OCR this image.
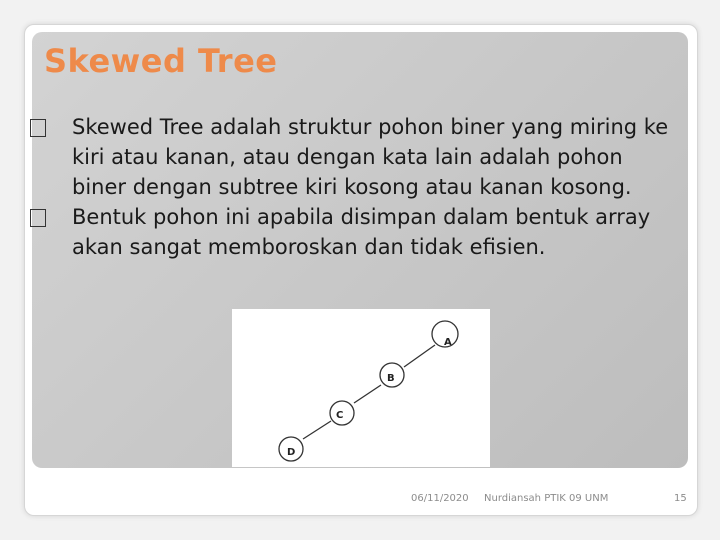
Skewed Tree

Skewed Tree adalah struktur pohon biner yang miring ke kiri atau kanan, atau dengan kata lain adalah pohon biner dengan subtree kiri kosong atau kanan kosong.

Bentuk pohon ini apabila disimpan dalam bentuk array akan sangat memboroskan dan tidak efisien.

A
B
C
D
06/11/2020 Nurdiansah PTIK 09 UNM	15
